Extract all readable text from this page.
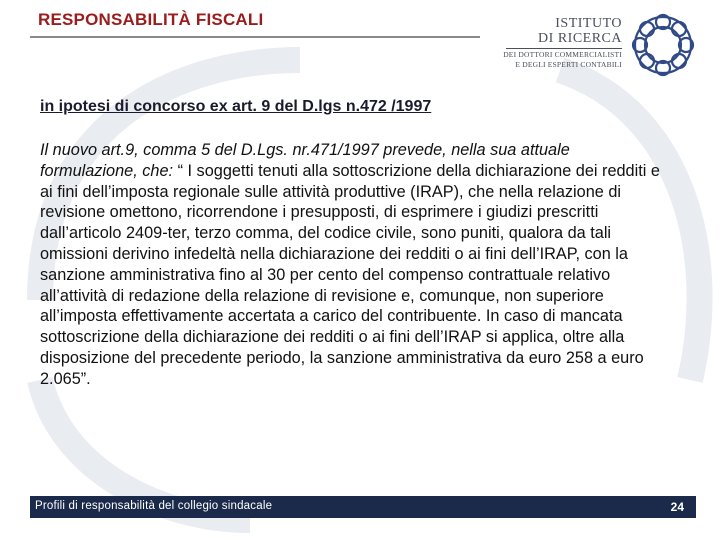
RESPONSABILITÀ FISCALI	ISTITUTO
DI RICERCA
DEI DOTTORI COMMERCIALISTI
E DEGLI ESPERTI CONTABILI
in ipotesi di concorso ex art. 9 del D.lgs n.472 /1997
Il nuovo art.9, comma 5 del D.Lgs. nr.471/1997 prevede, nella sua attuale formulazione, che: “ I soggetti tenuti alla sottoscrizione della dichiarazione dei redditi e ai fini dell’imposta regionale sulle attività produttive (IRAP), che nella relazione di revisione omettono, ricorrendone i presupposti, di esprimere i giudizi prescritti dall’articolo 2409-ter, terzo comma, del codice civile, sono puniti, qualora da tali omissioni derivino infedeltà nella dichiarazione dei redditi o ai fini dell’IRAP, con la sanzione amministrativa fino al 30 per cento del compenso contrattuale relativo all’attività di redazione della relazione di revisione e, comunque, non superiore all’imposta effettivamente accertata a carico del contribuente. In caso di mancata sottoscrizione della dichiarazione dei redditi o ai fini dell’IRAP si applica, oltre alla disposizione del precedente periodo, la sanzione amministrativa da euro 258 a euro 2.065”.
Profili di responsabilità del collegio sindacale	24
